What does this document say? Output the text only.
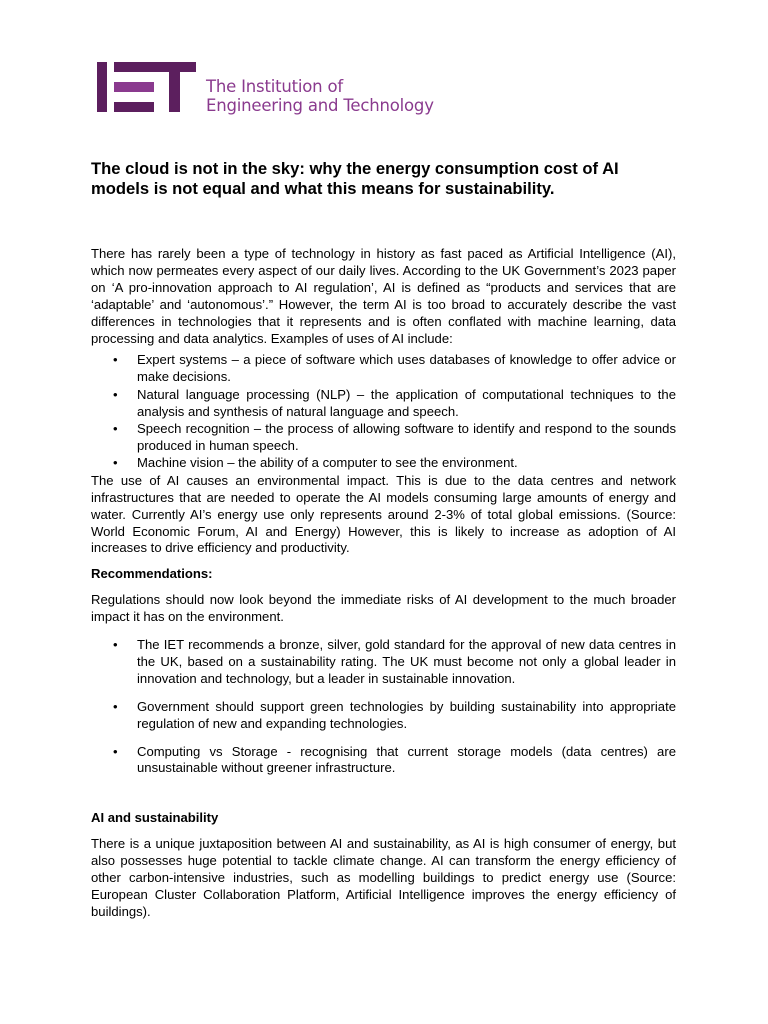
The Institution of
Engineering and Technology
The cloud is not in the sky: why the energy consumption cost of AI models is not equal and what this means for sustainability.

There has rarely been a type of technology in history as fast paced as Artificial Intelligence (AI), which now permeates every aspect of our daily lives. According to the UK Government’s 2023 paper on ‘A pro-innovation approach to AI regulation’, AI is defined as “products and services that are ‘adaptable’ and ‘autonomous’.” However, the term AI is too broad to accurately describe the vast differences in technologies that it represents and is often conflated with machine learning, data processing and data analytics. Examples of uses of AI include:

• Expert systems – a piece of software which uses databases of knowledge to offer advice or make decisions.
• Natural language processing (NLP) – the application of computational techniques to the analysis and synthesis of natural language and speech.
• Speech recognition – the process of allowing software to identify and respond to the sounds produced in human speech.
• Machine vision – the ability of a computer to see the environment.

The use of AI causes an environmental impact. This is due to the data centres and network infrastructures that are needed to operate the AI models consuming large amounts of energy and water. Currently AI’s energy use only represents around 2-3% of total global emissions. (Source: World Economic Forum, AI and Energy) However, this is likely to increase as adoption of AI increases to drive efficiency and productivity.

Recommendations:

Regulations should now look beyond the immediate risks of AI development to the much broader impact it has on the environment.

• The IET recommends a bronze, silver, gold standard for the approval of new data centres in the UK, based on a sustainability rating. The UK must become not only a global leader in innovation and technology, but a leader in sustainable innovation.
• Government should support green technologies by building sustainability into appropriate regulation of new and expanding technologies.
• Computing vs Storage - recognising that current storage models (data centres) are unsustainable without greener infrastructure.
AI and sustainability

There is a unique juxtaposition between AI and sustainability, as AI is high consumer of energy, but also possesses huge potential to tackle climate change. AI can transform the energy efficiency of other carbon-intensive industries, such as modelling buildings to predict energy use (Source: European Cluster Collaboration Platform, Artificial Intelligence improves the energy efficiency of buildings).
